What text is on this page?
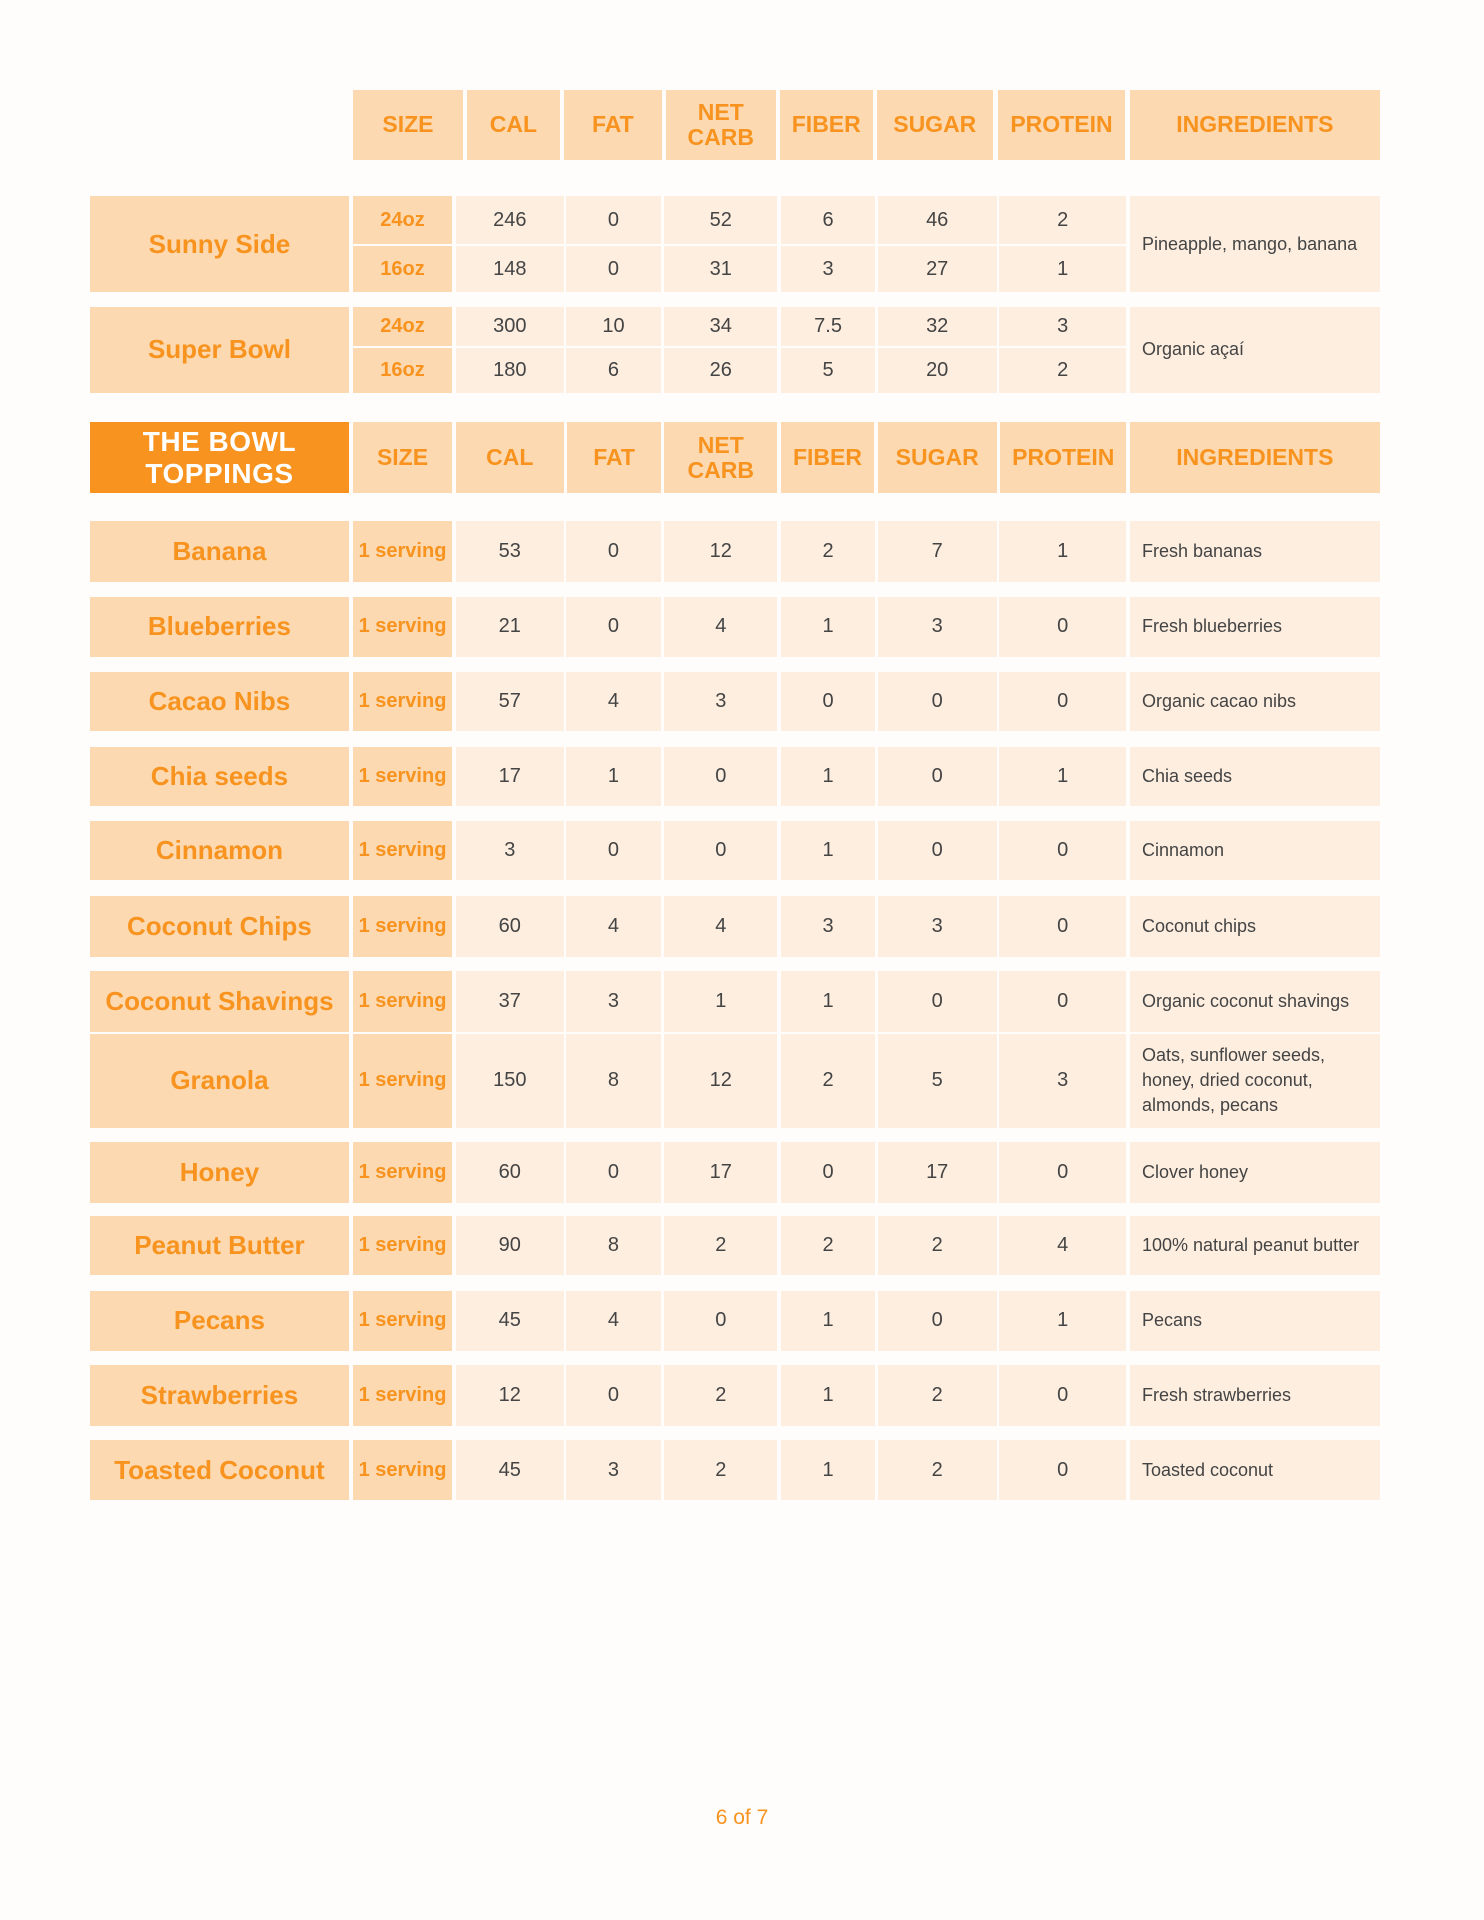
SIZE	CAL	FAT	NET CARB	FIBER	SUGAR	PROTEIN	INGREDIENTS
Sunny Side	Pineapple, mango, banana
24oz	246	0	52	6	46	2
16oz	148	0	31	3	27	1
Super Bowl	Organic açaí
24oz	300	10	34	7.5	32	3
16oz	180	6	26	5	20	2
THE BOWL TOPPINGS
SIZE	CAL	FAT	NET CARB	FIBER	SUGAR	PROTEIN	INGREDIENTS
Banana	1 serving	53	0	12	2	7	1	Fresh bananas
Blueberries	1 serving	21	0	4	1	3	0	Fresh blueberries
Cacao Nibs	1 serving	57	4	3	0	0	0	Organic cacao nibs
Chia seeds	1 serving	17	1	0	1	0	1	Chia seeds
Cinnamon	1 serving	3	0	0	1	0	0	Cinnamon
Coconut Chips	1 serving	60	4	4	3	3	0	Coconut chips
Coconut Shavings	1 serving	37	3	1	1	0	0	Organic coconut shavings
Granola	1 serving	150	8	12	2	5	3
Oats, sunflower seeds, honey, dried coconut, almonds, pecans
Honey	1 serving	60	0	17	0	17	0	Clover honey
Peanut Butter	1 serving	90	8	2	2	2	4	100% natural peanut butter
Pecans	1 serving	45	4	0	1	0	1	Pecans
Strawberries	1 serving	12	0	2	1	2	0	Fresh strawberries
Toasted Coconut	1 serving	45	3	2	1	2	0	Toasted coconut
6 of 7
